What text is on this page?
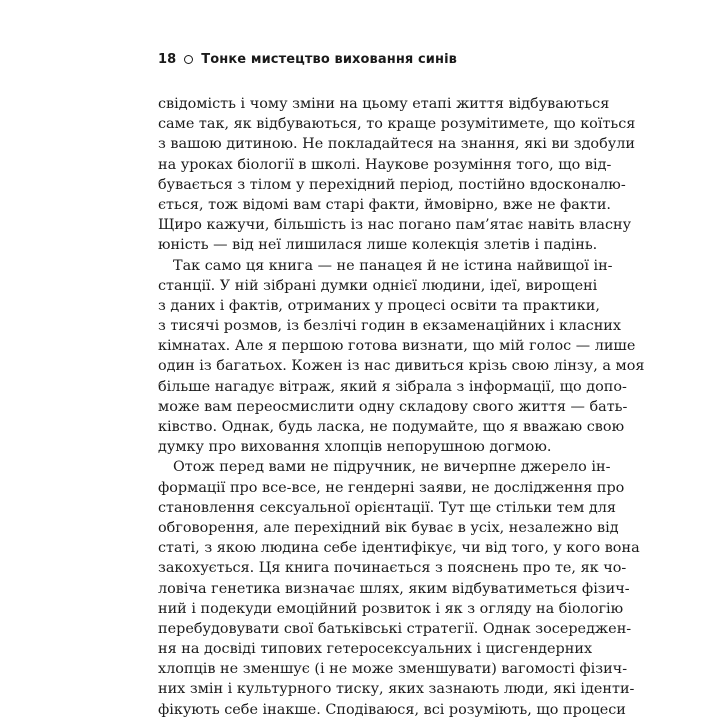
18 Тонке мистецтво виховання синів

свідомість і чому зміни на цьому етапі життя відбуваються
саме так, як відбуваються, то краще розумітимете, що коїться
з вашою дитиною. Не покладайтеся на знання, які ви здобули
на уроках біології в школі. Наукове розуміння того, що від-
бувається з тілом у перехідний період, постійно вдосконалю-
ється, тож відомі вам старі факти, ймовірно, вже не факти.
Щиро кажучи, більшість із нас погано пам’ятає навіть власну
юність — від неї лишилася лише колекція злетів і падінь.

Так само ця книга — не панацея й не істина найвищої ін-
станції. У ній зібрані думки однієї людини, ідеї, вирощені
з даних і фактів, отриманих у процесі освіти та практики,
з тисячі розмов, із безлічі годин в екзаменаційних і класних
кімнатах. Але я першою готова визнати, що мій голос — лише
один із багатьох. Кожен із нас дивиться крізь свою лінзу, а моя
більше нагадує вітраж, який я зібрала з інформації, що допо-
може вам переосмислити одну складову свого життя — бать-
ківство. Однак, будь ласка, не подумайте, що я вважаю свою
думку про виховання хлопців непорушною догмою.

Отож перед вами не підручник, не вичерпне джерело ін-
формації про все-все, не гендерні заяви, не дослідження про
становлення сексуальної орієнтації. Тут ще стільки тем для
обговорення, але перехідний вік буває в усіх, незалежно від
статі, з якою людина себе ідентифікує, чи від того, у кого вона
закохується. Ця книга починається з пояснень про те, як чо-
ловіча генетика визначає шлях, яким відбуватиметься фізич-
ний і подекуди емоційний розвиток і як з огляду на біологію
перебудовувати свої батьківські стратегії. Однак зосереджен-
ня на досвіді типових гетеросексуальних і цисгендерних
хлопців не зменшує (і не може зменшувати) вагомості фізич-
них змін і культурного тиску, яких зазнають люди, які іденти-
фікують себе інакше. Сподіваюся, всі розуміють, що процеси
